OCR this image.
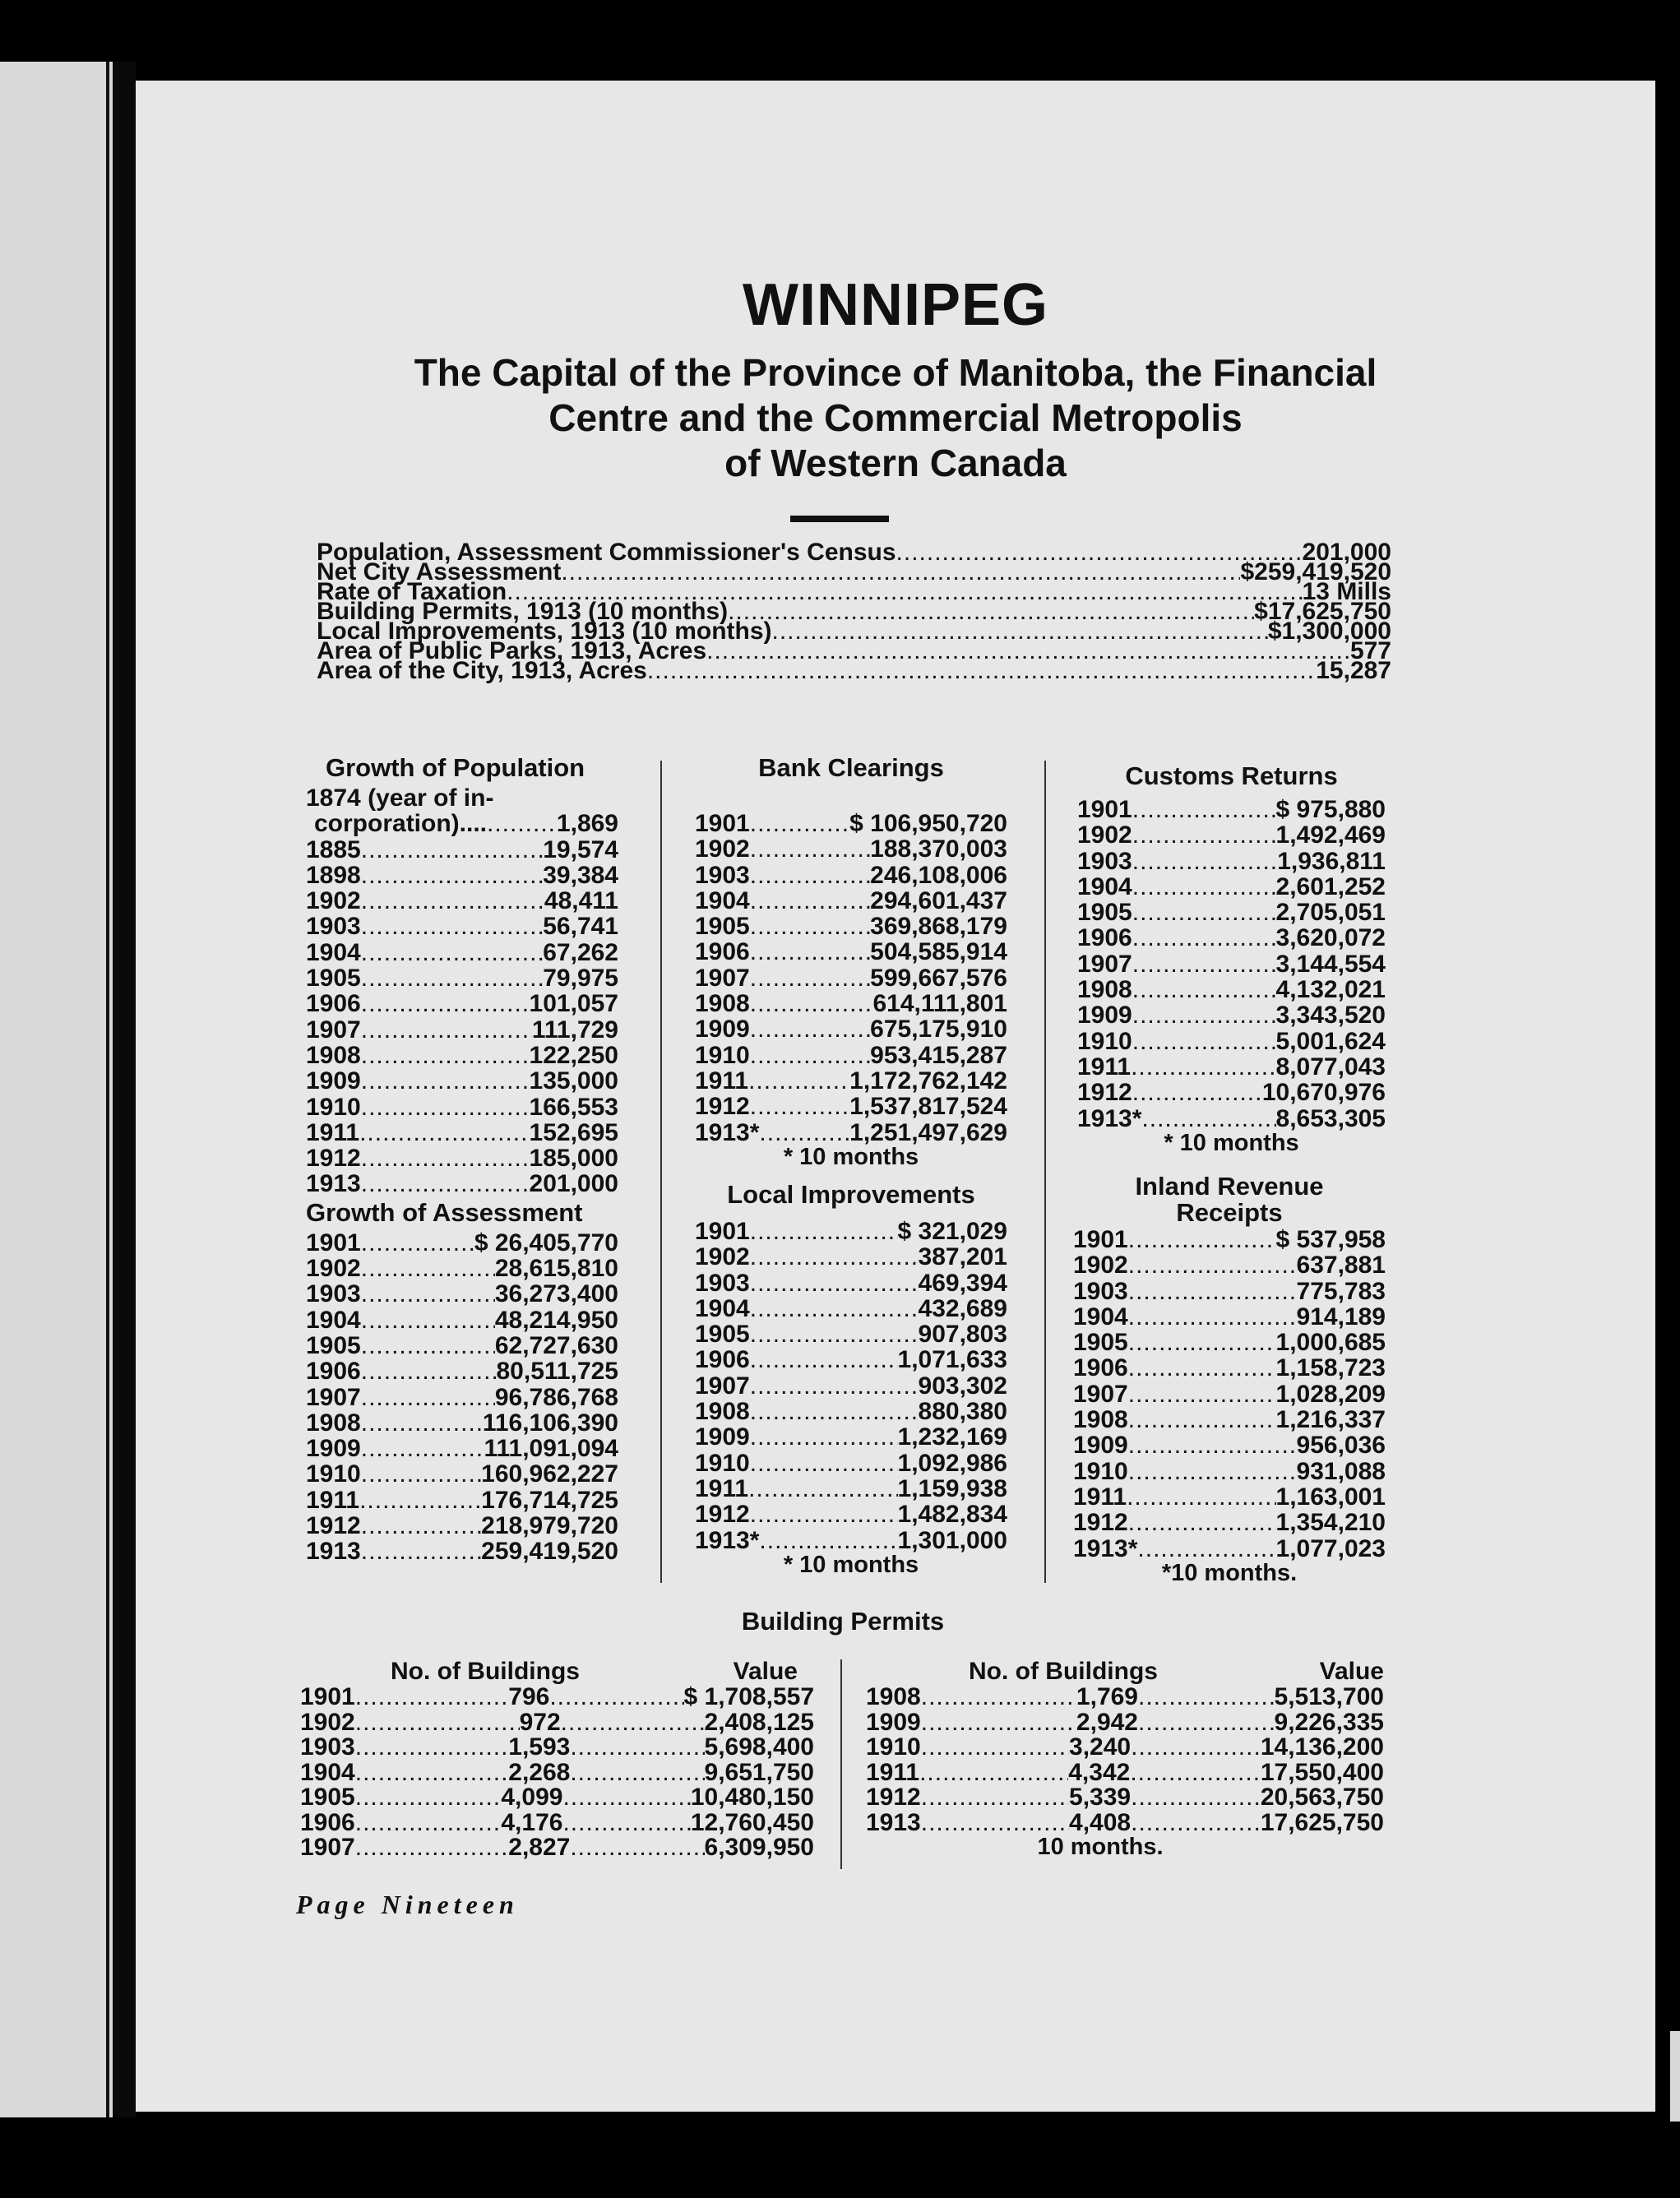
WINNIPEG
The Capital of the Province of Manitoba, the Financial
Centre and the Commercial Metropolis
of Western Canada
Population, Assessment Commissioner's Census .....	201,000
Net City Assessment .....	$259,419,520
Rate of Taxation .....	13 Mills
Building Permits, 1913 (10 months) .....	$17,625,750
Local Improvements, 1913 (10 months) .....	$1,300,000
Area of Public Parks, 1913, Acres .....	577
Area of the City, 1913, Acres .....	15,287
Growth of Population
1874 (year of in-
corporation).... .....	1,869
1885 .....	19,574
1898 .....	39,384
1902 .....	48,411
1903 .....	56,741
1904 .....	67,262
1905 .....	79,975
1906 .....	101,057
1907 .....	111,729
1908 .....	122,250
1909 .....	135,000
1910 .....	166,553
1911 .....	152,695
1912 .....	185,000
1913 .....	201,000
Growth of Assessment
1901 .....	$ 26,405,770
1902 .....	28,615,810
1903 .....	36,273,400
1904 .....	48,214,950
1905 .....	62,727,630
1906 .....	80,511,725
1907 .....	96,786,768
1908 .....	116,106,390
1909 .....	111,091,094
1910 .....	160,962,227
1911 .....	176,714,725
1912 .....	218,979,720
1913 .....	259,419,520
Bank Clearings
1901 .....	$ 106,950,720
1902 .....	188,370,003
1903 .....	246,108,006
1904 .....	294,601,437
1905 .....	369,868,179
1906 .....	504,585,914
1907 .....	599,667,576
1908 .....	614,111,801
1909 .....	675,175,910
1910 .....	953,415,287
1911 .....	1,172,762,142
1912 .....	1,537,817,524
1913* .....	1,251,497,629
* 10 months
Local Improvements
1901 .....	$ 321,029
1902 .....	387,201
1903 .....	469,394
1904 .....	432,689
1905 .....	907,803
1906 .....	1,071,633
1907 .....	903,302
1908 .....	880,380
1909 .....	1,232,169
1910 .....	1,092,986
1911 .....	1,159,938
1912 .....	1,482,834
1913* .....	1,301,000
* 10 months
Customs Returns
1901 .....	$ 975,880
1902 .....	1,492,469
1903 .....	1,936,811
1904 .....	2,601,252
1905 .....	2,705,051
1906 .....	3,620,072
1907 .....	3,144,554
1908 .....	4,132,021
1909 .....	3,343,520
1910 .....	5,001,624
1911 .....	8,077,043
1912 .....	10,670,976
1913* .....	8,653,305
* 10 months
Inland Revenue
Receipts
1901 .....	$ 537,958
1902 .....	637,881
1903 .....	775,783
1904 .....	914,189
1905 .....	1,000,685
1906 .....	1,158,723
1907 .....	1,028,209
1908 .....	1,216,337
1909 .....	956,036
1910 .....	931,088
1911 .....	1,163,001
1912 .....	1,354,210
1913* .....	1,077,023
*10 months.
Building Permits
No. of Buildings	Value
1901 .....	796 .....	$ 1,708,557
1902 .....	972 .....	2,408,125
1903 .....	1,593 .....	5,698,400
1904 .....	2,268 .....	9,651,750
1905 .....	4,099 .....	10,480,150
1906 .....	4,176 .....	12,760,450
1907 .....	2,827 .....	6,309,950
No. of Buildings	Value
1908 .....	1,769 .....	5,513,700
1909 .....	2,942 .....	9,226,335
1910 .....	3,240 .....	14,136,200
1911 .....	4,342 .....	17,550,400
1912 .....	5,339 .....	20,563,750
1913 .....	4,408 .....	17,625,750
10 months.
Page Nineteen
